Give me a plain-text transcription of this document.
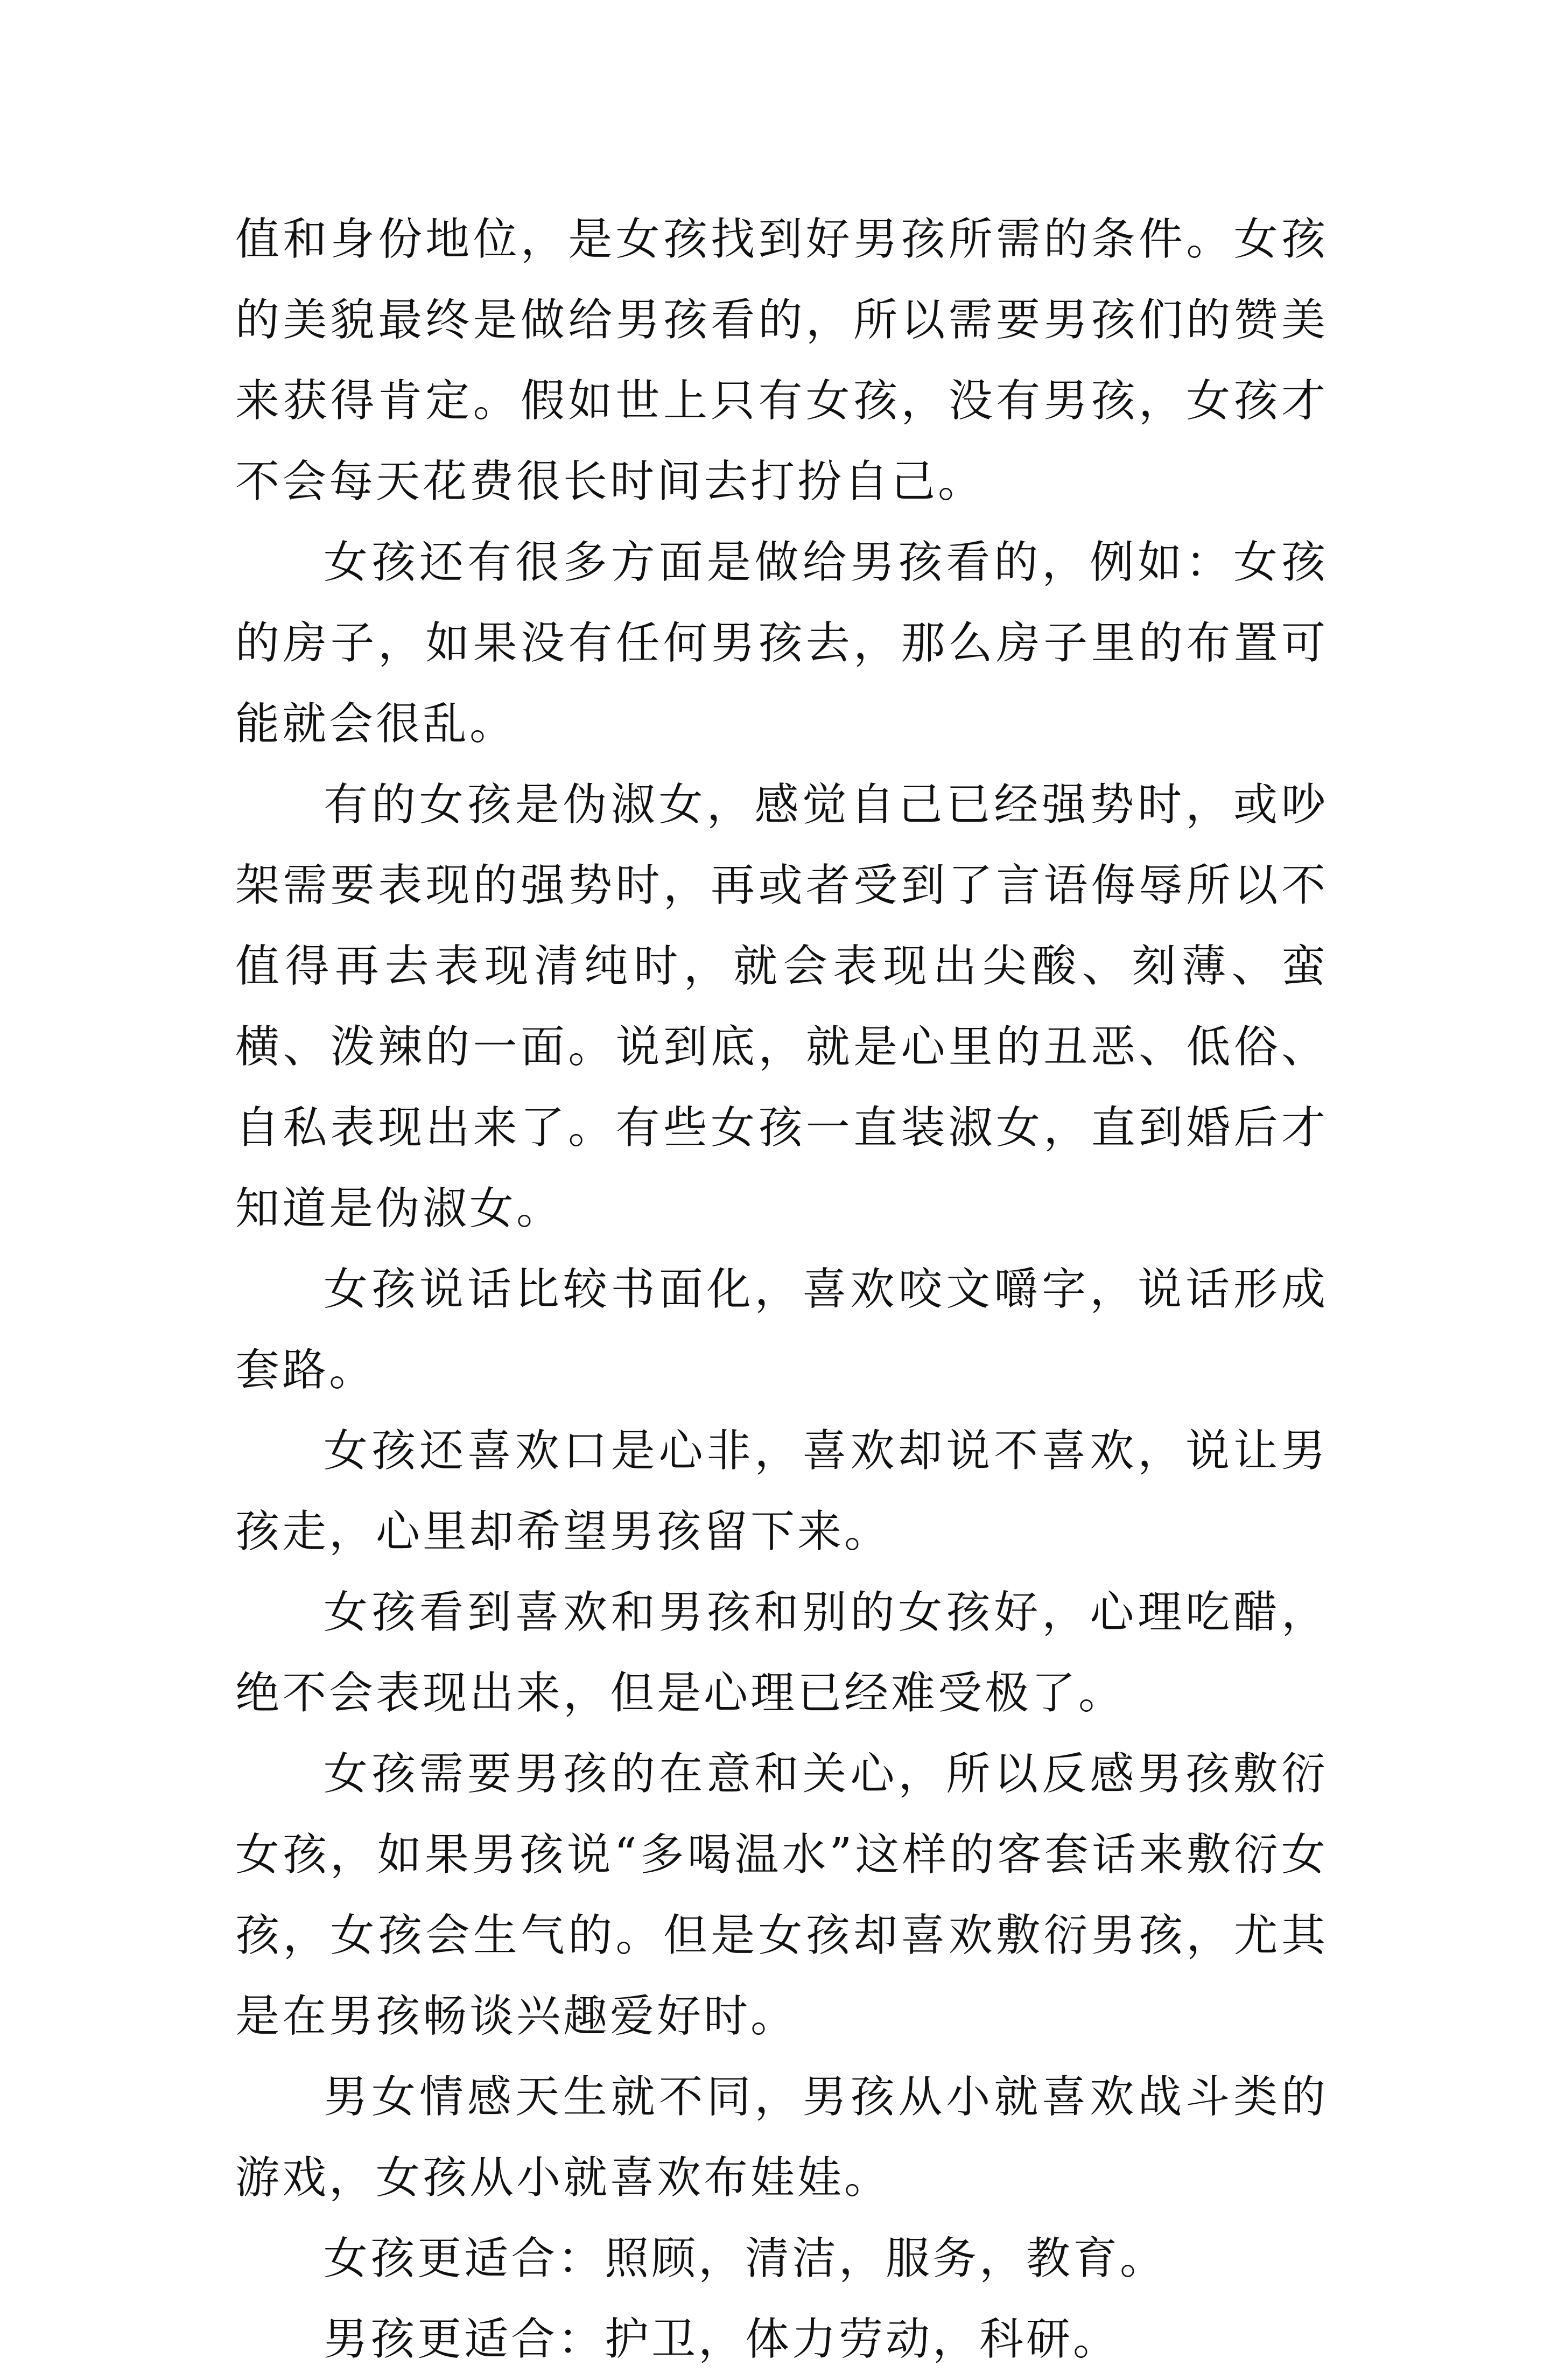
值和身份地位，是女孩找到好男孩所需的条件。女孩的美貌最终是做给男孩看的，所以需要男孩们的赞美来获得肯定。假如世上只有女孩，没有男孩，女孩才不会每天花费很长时间去打扮自己。

女孩还有很多方面是做给男孩看的，例如：女孩的房子，如果没有任何男孩去，那么房子里的布置可能就会很乱。

有的女孩是伪淑女，感觉自己已经强势时，或吵架需要表现的强势时，再或者受到了言语侮辱所以不值得再去表现清纯时，就会表现出尖酸、刻薄、蛮横、泼辣的一面。说到底，就是心里的丑恶、低俗、自私表现出来了。有些女孩一直装淑女，直到婚后才知道是伪淑女。

女孩说话比较书面化，喜欢咬文嚼字，说话形成套路。

女孩还喜欢口是心非，喜欢却说不喜欢，说让男孩走，心里却希望男孩留下来。

女孩看到喜欢和男孩和别的女孩好，心理吃醋，绝不会表现出来，但是心理已经难受极了。

女孩需要男孩的在意和关心，所以反感男孩敷衍女孩，如果男孩说“多喝温水”这样的客套话来敷衍女孩，女孩会生气的。但是女孩却喜欢敷衍男孩，尤其是在男孩畅谈兴趣爱好时。

男女情感天生就不同，男孩从小就喜欢战斗类的游戏，女孩从小就喜欢布娃娃。

女孩更适合：照顾，清洁，服务，教育。

男孩更适合：护卫，体力劳动，科研。
